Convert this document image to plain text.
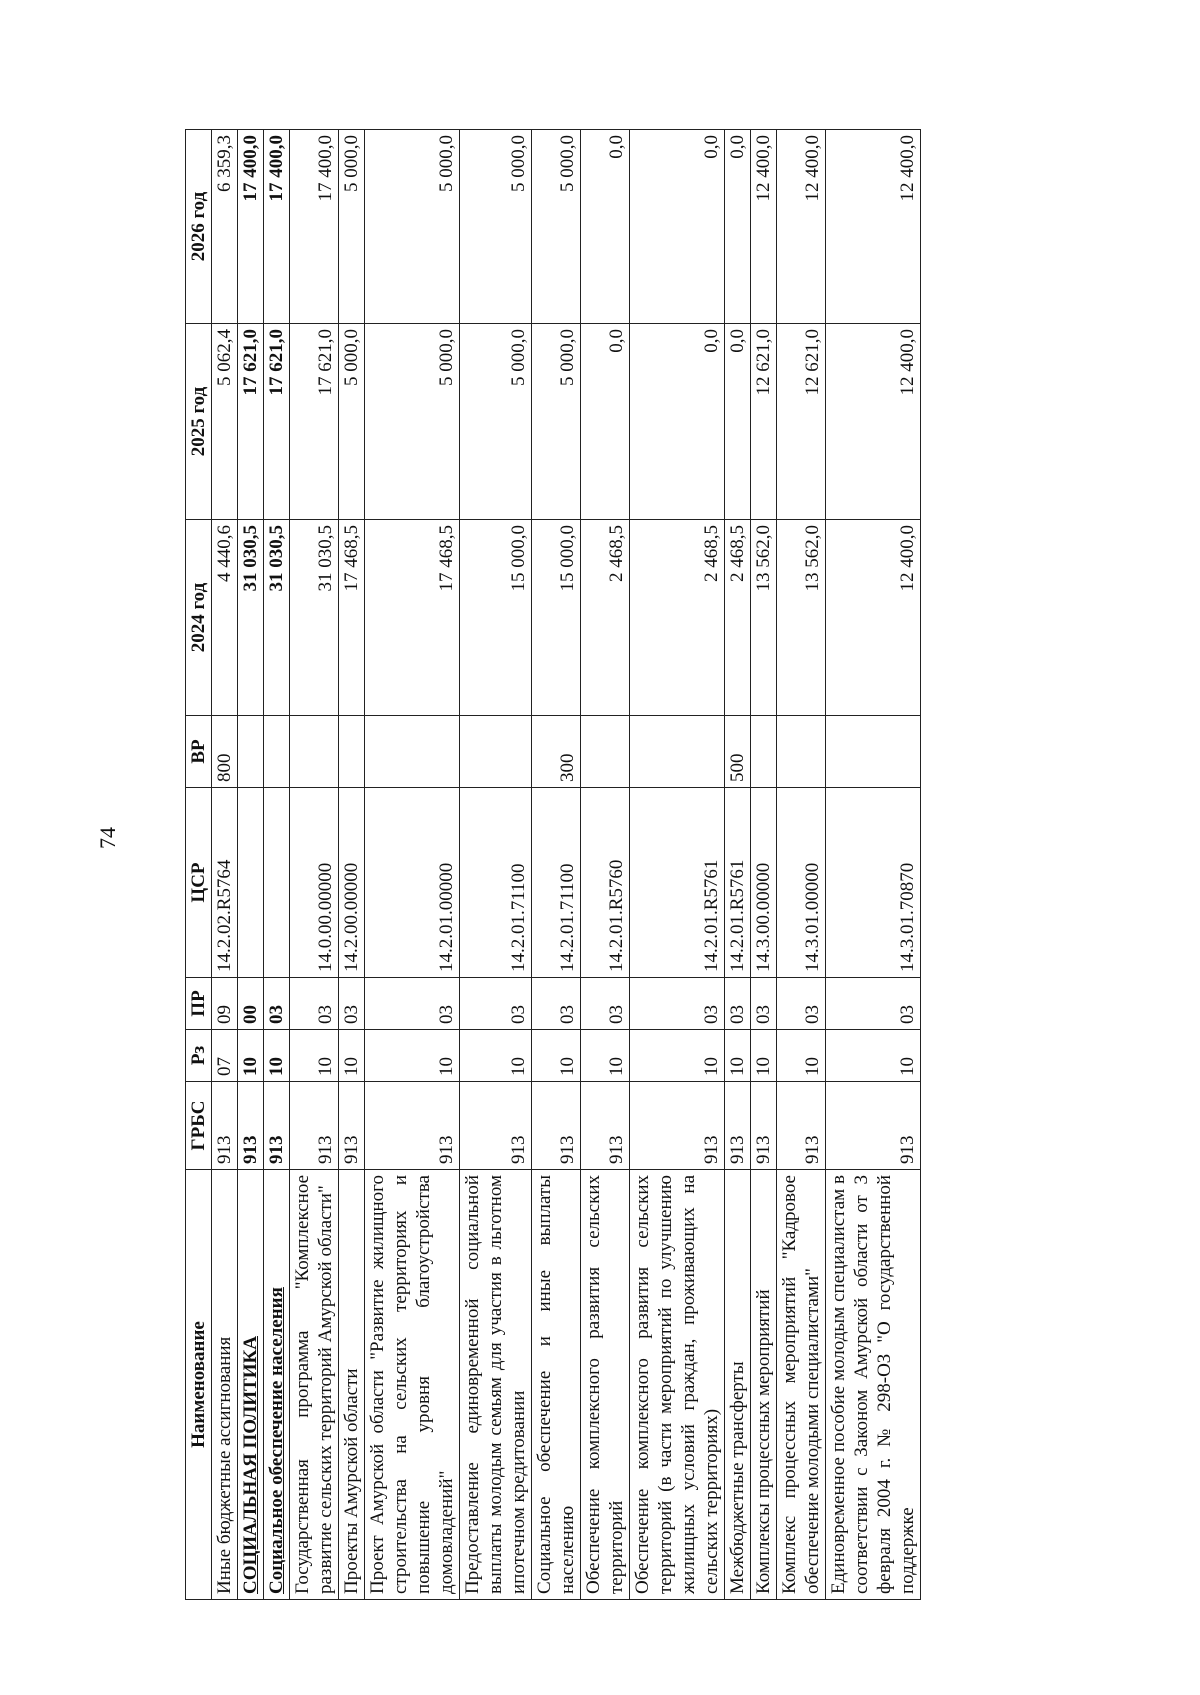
74
Наименование	ГРБС	Рз	ПР	ЦСР	ВР	2024 год	2025 год	2026 год
Иные бюджетные ассигнования	913	07	09	14.2.02.R5764	800	4 440,6	5 062,4	6 359,3
СОЦИАЛЬНАЯ ПОЛИТИКА	913	10	00			31 030,5	17 621,0	17 400,0
Социальное обеспечение населения	913	10	03			31 030,5	17 621,0	17 400,0
Государственная программа "Комплексное развитие сельских территорий Амурской области"	913	10	03	14.0.00.00000		31 030,5	17 621,0	17 400,0
Проекты Амурской области	913	10	03	14.2.00.00000		17 468,5	5 000,0	5 000,0
Проект Амурской области "Развитие жилищного строительства на сельских территориях и повышение уровня благоустройства домовладений"	913	10	03	14.2.01.00000		17 468,5	5 000,0	5 000,0
Предоставление единовременной социальной выплаты молодым семьям для участия в льготном ипотечном кредитовании	913	10	03	14.2.01.71100		15 000,0	5 000,0	5 000,0
Социальное обеспечение и иные выплаты населению	913	10	03	14.2.01.71100	300	15 000,0	5 000,0	5 000,0
Обеспечение комплексного развития сельских территорий	913	10	03	14.2.01.R5760		2 468,5	0,0	0,0
Обеспечение комплексного развития сельских территорий (в части мероприятий по улучшению жилищных условий граждан, проживающих на сельских территориях)	913	10	03	14.2.01.R5761		2 468,5	0,0	0,0
Межбюджетные трансферты	913	10	03	14.2.01.R5761	500	2 468,5	0,0	0,0
Комплексы процессных мероприятий	913	10	03	14.3.00.00000		13 562,0	12 621,0	12 400,0
Комплекс процессных мероприятий "Кадровое обеспечение молодыми специалистами"	913	10	03	14.3.01.00000		13 562,0	12 621,0	12 400,0
Единовременное пособие молодым специалистам в соответствии с Законом Амурской области от 3 февраля 2004 г. № 298-ОЗ "О государственной поддержке	913	10	03	14.3.01.70870		12 400,0	12 400,0	12 400,0
